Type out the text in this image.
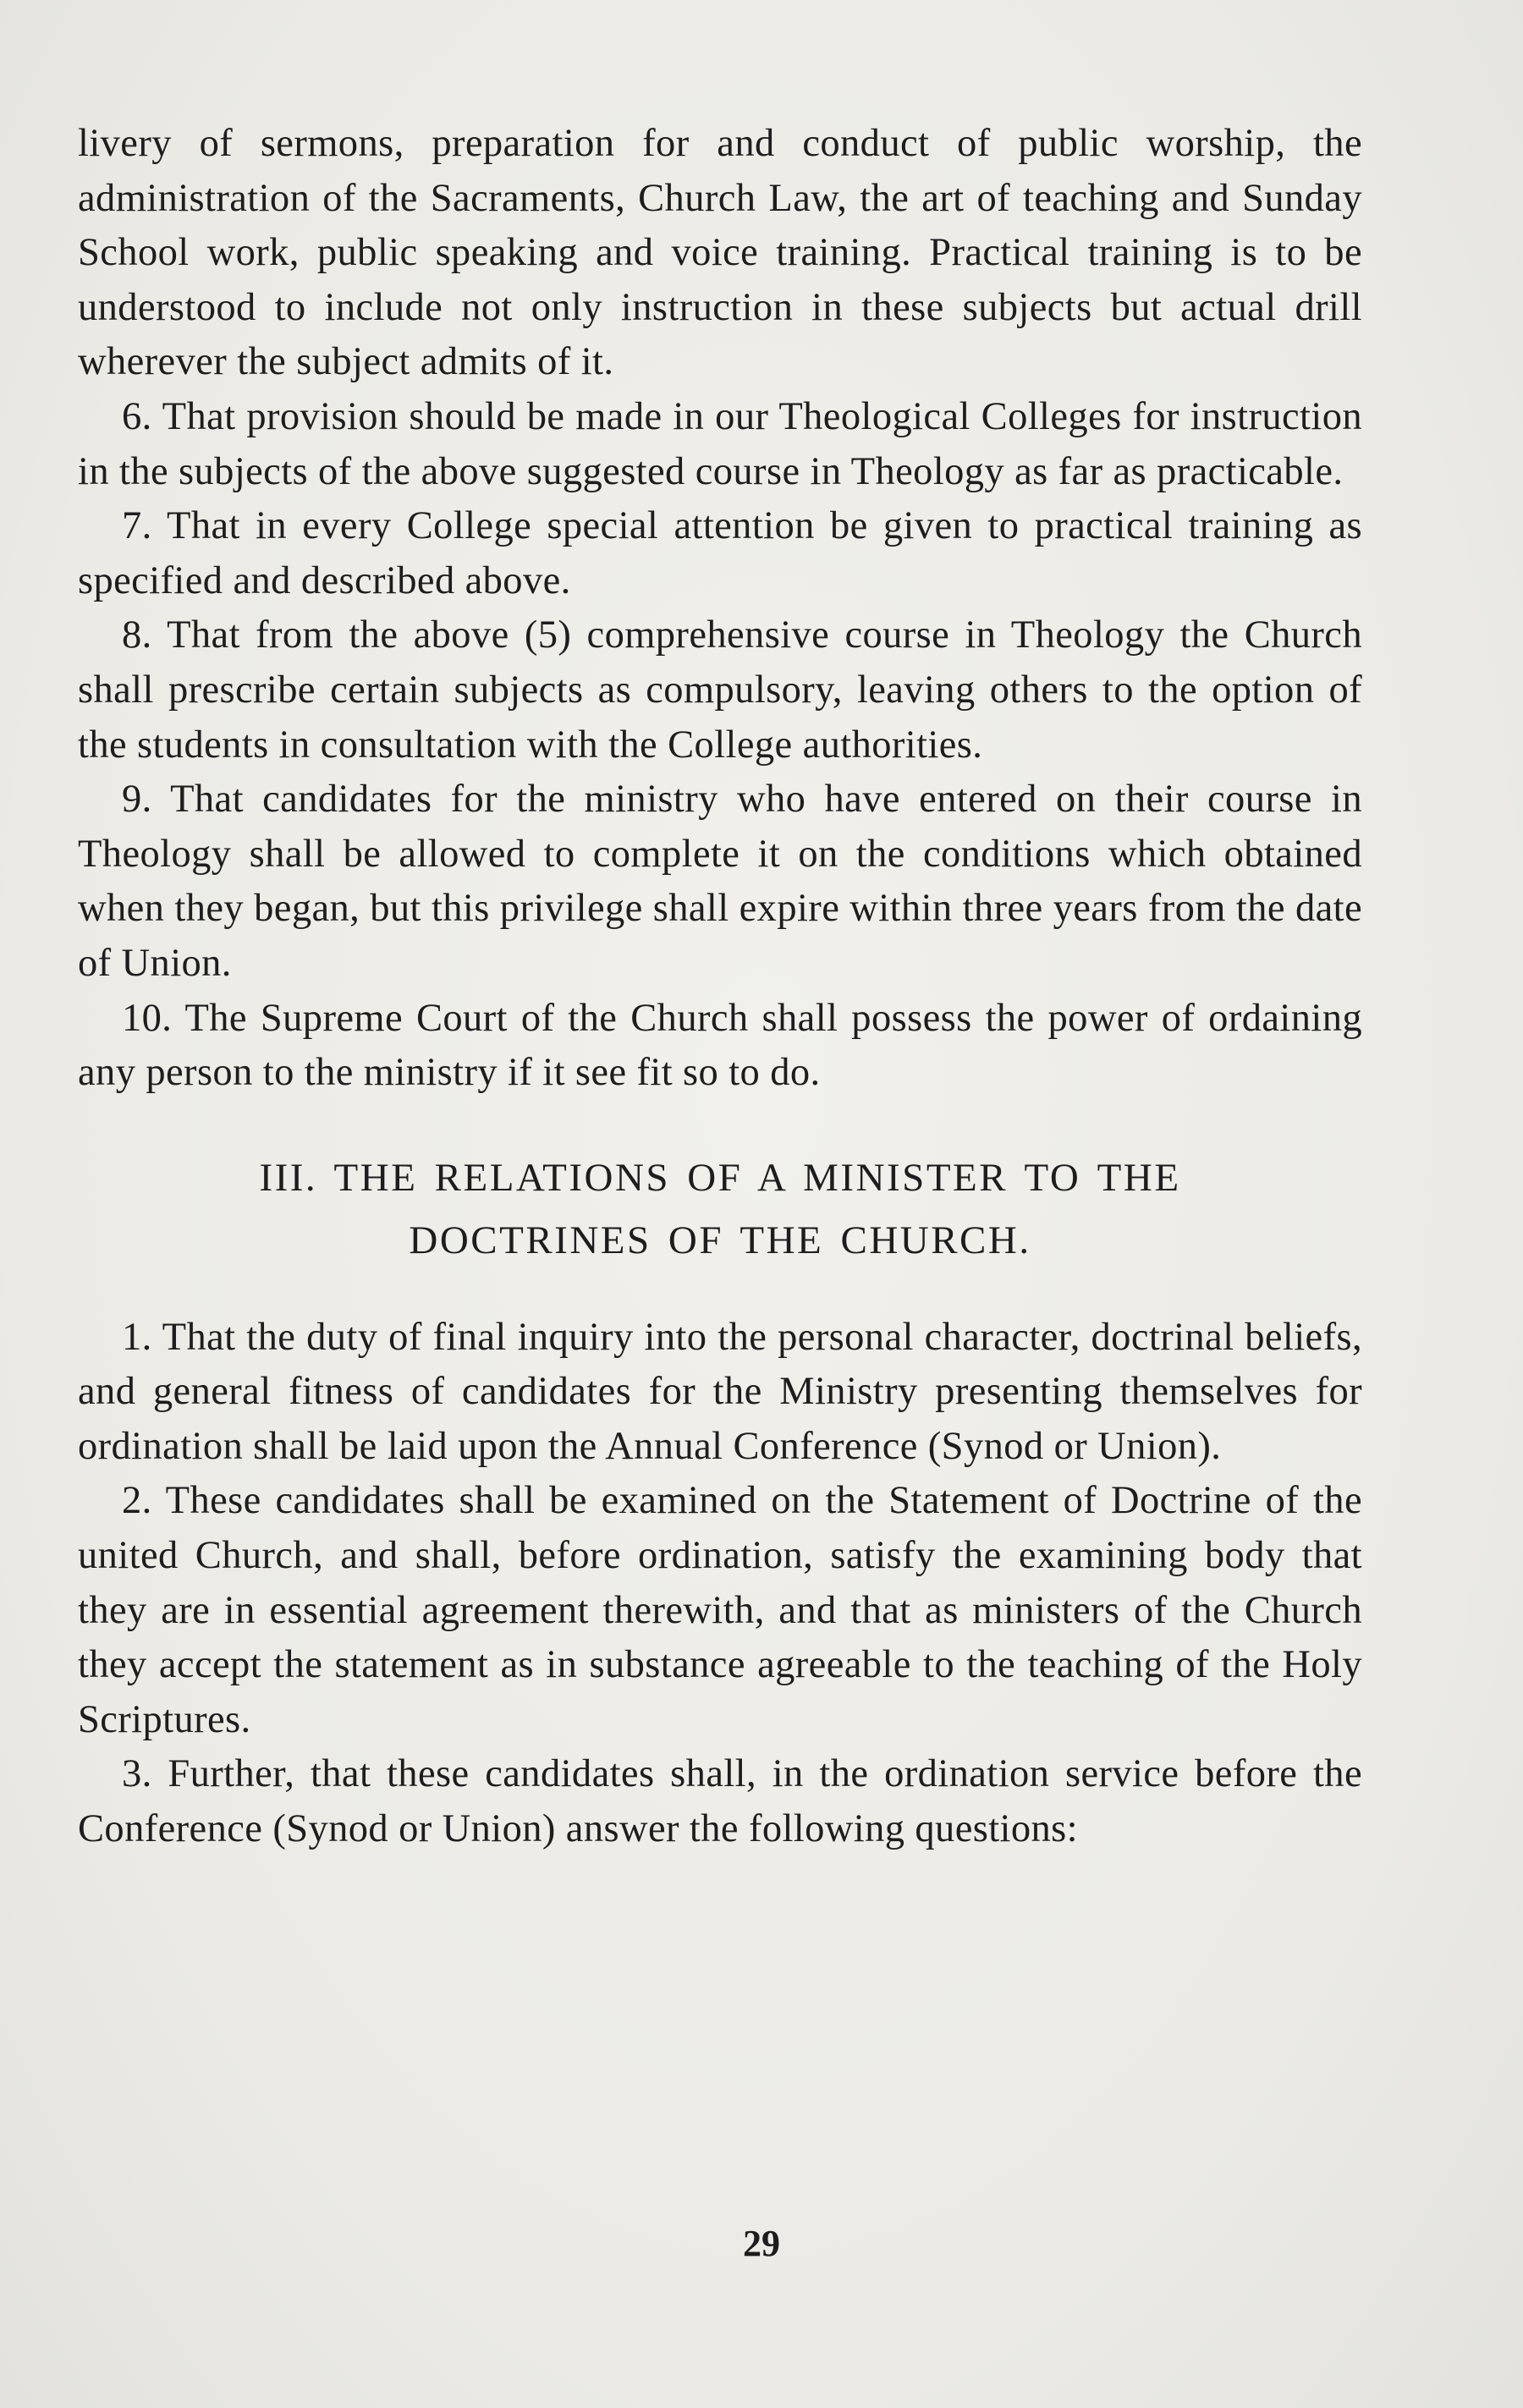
livery of sermons, preparation for and conduct of public worship, the administration of the Sacraments, Church Law, the art of teaching and Sunday School work, public speaking and voice training. Practical training is to be understood to include not only instruction in these subjects but actual drill wherever the subject admits of it.

6. That provision should be made in our Theological Colleges for instruction in the subjects of the above suggested course in Theology as far as practicable.

7. That in every College special attention be given to practical training as specified and described above.

8. That from the above (5) comprehensive course in Theology the Church shall prescribe certain subjects as compulsory, leaving others to the option of the students in consultation with the College authorities.

9. That candidates for the ministry who have entered on their course in Theology shall be allowed to complete it on the conditions which obtained when they began, but this privilege shall expire within three years from the date of Union.

10. The Supreme Court of the Church shall possess the power of ordaining any person to the ministry if it see fit so to do.

III. THE RELATIONS OF A MINISTER TO THE
DOCTRINES OF THE CHURCH.

1. That the duty of final inquiry into the personal character, doctrinal beliefs, and general fitness of candidates for the Ministry presenting themselves for ordination shall be laid upon the Annual Conference (Synod or Union).

2. These candidates shall be examined on the Statement of Doctrine of the united Church, and shall, before ordination, satisfy the examining body that they are in essential agreement therewith, and that as ministers of the Church they accept the statement as in substance agreeable to the teaching of the Holy Scriptures.

3. Further, that these candidates shall, in the ordination service before the Conference (Synod or Union) answer the following questions:

29
